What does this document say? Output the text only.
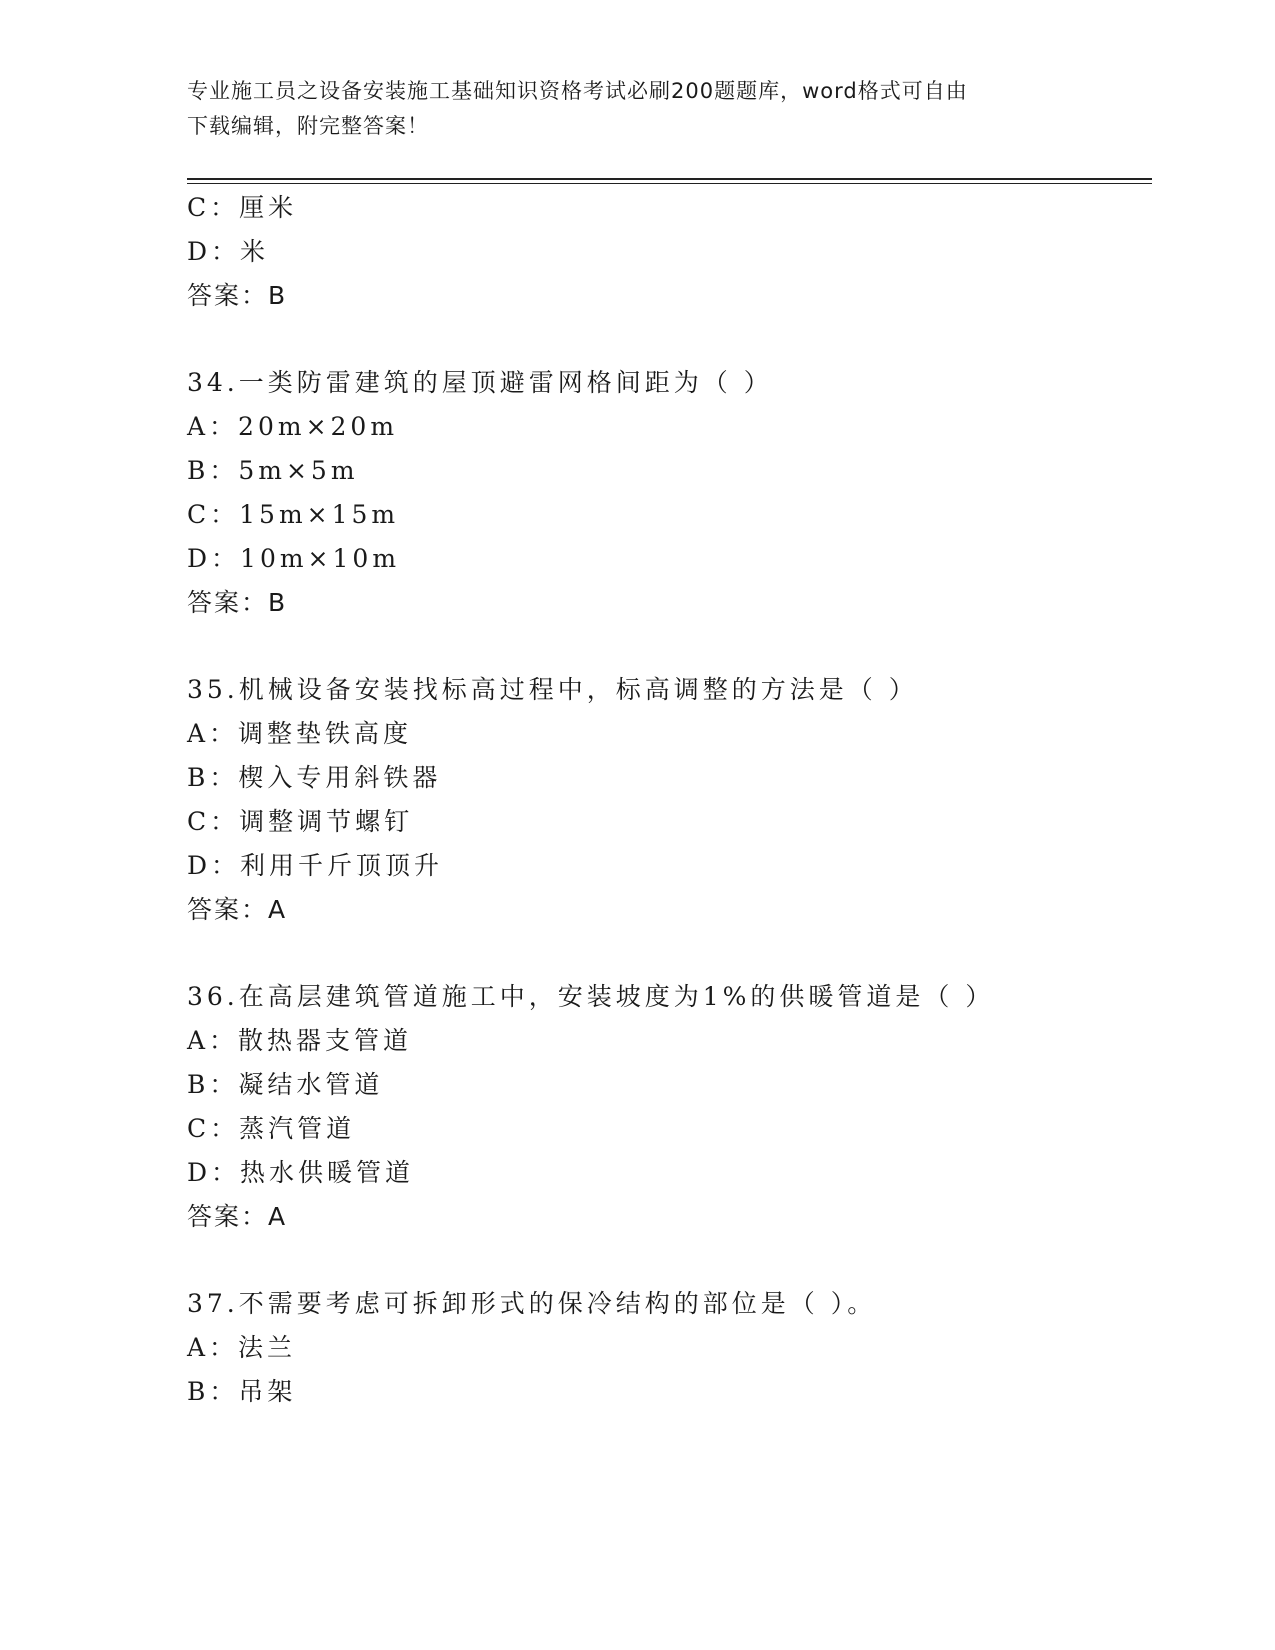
专业施工员之设备安装施工基础知识资格考试必刷200题题库，word格式可自由
下载编辑，附完整答案！
C：厘米
D：米
答案：B
34.一类防雷建筑的屋顶避雷网格间距为（ ）
A：20m×20m
B：5m×5m
C：15m×15m
D：10m×10m
答案：B
35.机械设备安装找标高过程中，标高调整的方法是（ ）
A：调整垫铁高度
B：楔入专用斜铁器
C：调整调节螺钉
D：利用千斤顶顶升
答案：A
36.在高层建筑管道施工中，安装坡度为1%的供暖管道是（ ）
A：散热器支管道
B：凝结水管道
C：蒸汽管道
D：热水供暖管道
答案：A
37.不需要考虑可拆卸形式的保冷结构的部位是（ ）。
A：法兰
B：吊架
